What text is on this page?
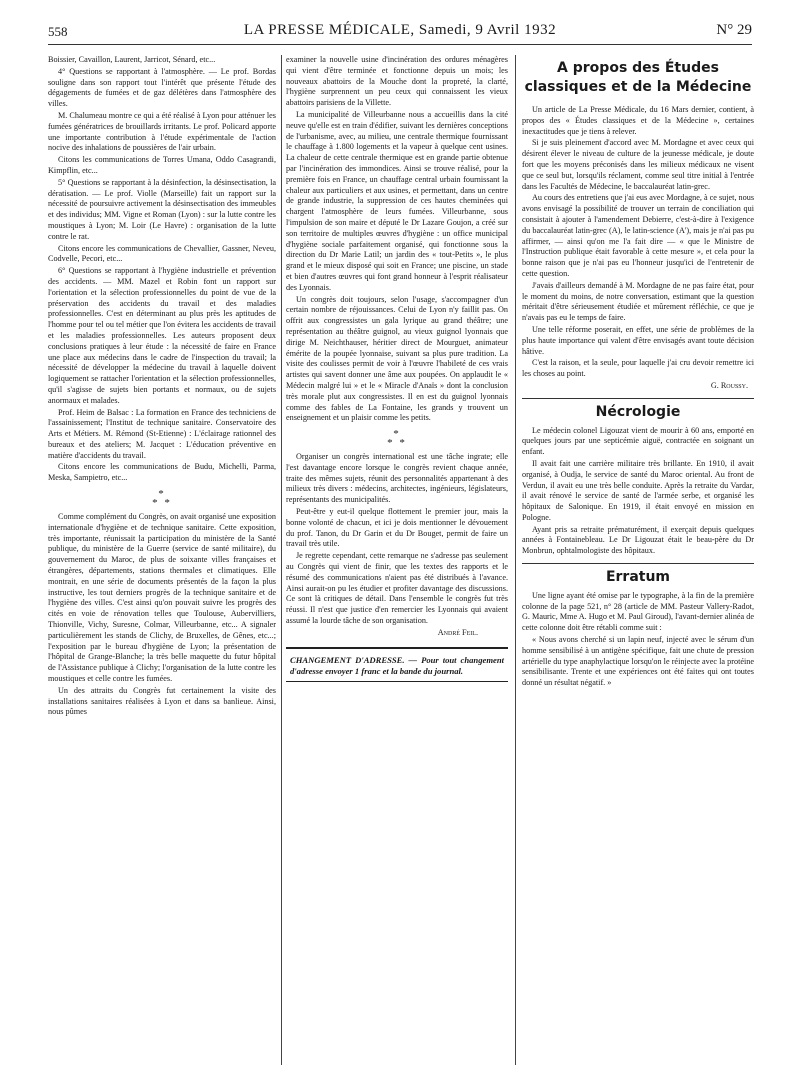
558	LA PRESSE MÉDICALE, Samedi, 9 Avril 1932	N° 29

Boissier, Cavaillon, Laurent, Jarricot, Sénard, etc...

4° Questions se rapportant à l'atmosphère. — Le prof. Bordas souligne dans son rapport tout l'intérêt que présente l'étude des dégagements de fumées et de gaz délétères dans l'atmosphère des villes.

M. Chalumeau montre ce qui a été réalisé à Lyon pour atténuer les fumées génératrices de brouillards irritants. Le prof. Policard apporte une importante contribution à l'étude expérimentale de l'action nocive des inhalations de poussières de l'air urbain.

Citons les communications de Torres Umana, Oddo Casagrandi, Kimpflin, etc...

5° Questions se rapportant à la désinfection, la désinsectisation, la dératisation. — Le prof. Violle (Marseille) fait un rapport sur la nécessité de poursuivre activement la désinsectisation des immeubles et des individus; MM. Vigne et Roman (Lyon) : sur la lutte contre les moustiques à Lyon; M. Loir (Le Havre) : organisation de la lutte contre le rat.

Citons encore les communications de Chevallier, Gassner, Neveu, Codvelle, Pecori, etc...

6° Questions se rapportant à l'hygiène industrielle et prévention des accidents. — MM. Mazel et Robin font un rapport sur l'orientation et la sélection professionnelles du point de vue de la préservation des accidents du travail et des maladies professionnelles. C'est en déterminant au plus près les aptitudes de l'homme pour tel ou tel métier que l'on évitera les accidents de travail et les maladies professionnelles. Les auteurs proposent deux conclusions pratiques à leur étude : la nécessité de faire en France une place aux médecins dans le cadre de l'inspection du travail; la nécessité de développer la médecine du travail à laquelle doivent logiquement se rattacher l'orientation et la sélection professionnelles, qu'il s'agisse de sujets bien portants et normaux, ou de sujets anormaux et malades.

Prof. Heim de Balsac : La formation en France des techniciens de l'assainissement; l'Institut de technique sanitaire. Conservatoire des Arts et Métiers. M. Rémond (St-Etienne) : L'éclairage rationnel des bureaux et des ateliers; M. Jacquet : L'éducation préventive en matière d'accidents du travail.

Citons encore les communications de Budu, Michelli, Parma, Meska, Sampietro, etc...

*
* *

Comme complément du Congrès, on avait organisé une exposition internationale d'hygiène et de technique sanitaire. Cette exposition, très importante, réunissait la participation du ministère de la Santé publique, du ministère de la Guerre (service de santé militaire), du gouvernement du Maroc, de plus de soixante villes françaises et étrangères, départements, stations thermales et climatiques. Elle montrait, en une série de documents présentés de la façon la plus instructive, les tout derniers progrès de la technique sanitaire et de l'hygiène des villes. C'est ainsi qu'on pouvait suivre les progrès des cités en voie de rénovation telles que Toulouse, Aubervilliers, Thionville, Vichy, Suresne, Colmar, Villeurbanne, etc... A signaler particulièrement les stands de Clichy, de Bruxelles, de Gênes, etc...; l'exposition par le bureau d'hygiène de Lyon; la présentation de l'hôpital de Grange-Blanche; la très belle maquette du futur hôpital de l'Assistance publique à Clichy; l'organisation de la lutte contre les moustiques et celle contre les fumées.

Un des attraits du Congrès fut certainement la visite des installations sanitaires réalisées à Lyon et dans sa banlieue. Ainsi, nous pûmes

examiner la nouvelle usine d'incinération des ordures ménagères qui vient d'être terminée et fonctionne depuis un mois; les nouveaux abattoirs de la Mouche dont la propreté, la clarté, l'hygiène surprennent un peu ceux qui connaissent les vieux abattoirs parisiens de la Villette.

La municipalité de Villeurbanne nous a accueillis dans la cité neuve qu'elle est en train d'édifier, suivant les dernières conceptions de l'urbanisme, avec, au milieu, une centrale thermique fournissant le chauffage à 1.800 logements et la vapeur à quelque cent usines. La chaleur de cette centrale thermique est en grande partie obtenue par l'incinération des immondices. Ainsi se trouve réalisé, pour la première fois en France, un chauffage central urbain fournissant la chaleur aux particuliers et aux usines, et permettant, dans un centre de grande industrie, la suppression de ces hautes cheminées qui chargent l'atmosphère de leurs fumées. Villeurbanne, sous l'impulsion de son maire et député le Dr Lazare Goujon, a créé sur son territoire de multiples œuvres d'hygiène : un office municipal d'hygiène sociale parfaitement organisé, qui fonctionne sous la direction du Dr Marie Latil; un jardin des « tout-Petits », le plus grand et le mieux disposé qui soit en France; une piscine, un stade et bien d'autres œuvres qui font grand honneur à l'esprit réalisateur des Lyonnais.

Un congrès doit toujours, selon l'usage, s'accompagner d'un certain nombre de réjouissances. Celui de Lyon n'y faillit pas. On offrit aux congressistes un gala lyrique au grand théâtre; une représentation au théâtre guignol, au vieux guignol lyonnais que dirige M. Neichthauser, héritier direct de Mourguet, animateur émérite de la poupée lyonnaise, suivant sa plus pure tradition. La visite des coulisses permit de voir à l'œuvre l'habileté de ces vrais artistes qui savent donner une âme aux poupées. On applaudit le « Médecin malgré lui » et le « Miracle d'Anaïs » dont la conclusion très morale plut aux congressistes. Il en est du guignol lyonnais comme des fables de La Fontaine, les grands y trouvent un enseignement et un plaisir comme les petits.

*
* *

Organiser un congrès international est une tâche ingrate; elle l'est davantage encore lorsque le congrès revient chaque année, traite des mêmes sujets, réunit des personnalités appartenant à des milieux très divers : médecins, architectes, ingénieurs, législateurs, représentants des municipalités.

Peut-être y eut-il quelque flottement le premier jour, mais la bonne volonté de chacun, et ici je dois mentionner le dévouement du prof. Tanon, du Dr Garin et du Dr Bouget, permit de faire un travail très utile.

Je regrette cependant, cette remarque ne s'adresse pas seulement au Congrès qui vient de finir, que les textes des rapports et le résumé des communications n'aient pas été distribués à l'avance. Ainsi aurait-on pu les étudier et profiter davantage des discussions. Ce sont là critiques de détail. Dans l'ensemble le congrès fut très réussi. Il n'est que justice d'en remercier les Lyonnais qui avaient assumé la lourde tâche de son organisation.

André Feil.
CHANGEMENT D'ADRESSE. — Pour tout changement d'adresse envoyer 1 franc et la bande du journal.
A propos des Études classiques et de la Médecine

Un article de La Presse Médicale, du 16 Mars dernier, contient, à propos des « Études classiques et de la Médecine », certaines inexactitudes que je tiens à relever.

Si je suis pleinement d'accord avec M. Mordagne et avec ceux qui désirent élever le niveau de culture de la jeunesse médicale, je doute fort que les moyens préconisés dans les milieux médicaux ne visent que ce seul but, lorsqu'ils réclament, comme seul titre initial à l'entrée dans les Facultés de Médecine, le baccalauréat latin-grec.

Au cours des entretiens que j'ai eus avec Mordagne, à ce sujet, nous avons envisagé la possibilité de trouver un terrain de conciliation qui consistait à ajouter à l'amendement Debierre, c'est-à-dire à l'exigence du baccalauréat latin-grec (A), le latin-science (A'), mais je n'ai pas pu affirmer, — ainsi qu'on me l'a fait dire — « que le Ministre de l'Instruction publique était favorable à cette mesure », et cela pour la bonne raison que je n'ai pas eu l'honneur jusqu'ici de l'entretenir de cette question.

J'avais d'ailleurs demandé à M. Mordagne de ne pas faire état, pour le moment du moins, de notre conversation, estimant que la question méritait d'être sérieusement étudiée et mûrement réfléchie, ce que je n'avais pas eu le temps de faire.

Une telle réforme poserait, en effet, une série de problèmes de la plus haute importance qui valent d'être envisagés avant toute décision hâtive.

C'est la raison, et la seule, pour laquelle j'ai cru devoir remettre ici les choses au point.

G. Roussy.
Nécrologie

Le médecin colonel Ligouzat vient de mourir à 60 ans, emporté en quelques jours par une septicémie aiguë, contractée en soignant un enfant.

Il avait fait une carrière militaire très brillante. En 1910, il avait organisé, à Oudja, le service de santé du Maroc oriental. Au front de Verdun, il avait eu une très belle conduite. Après la retraite du Vardar, il avait rénové le service de santé de l'armée serbe, et organisé les hôpitaux de Salonique. En 1919, il était envoyé en mission en Pologne.

Ayant pris sa retraite prématurément, il exerçait depuis quelques années à Fontainebleau. Le Dr Ligouzat était le beau-père du Dr Monbrun, ophtalmologiste des hôpitaux.

Erratum

Une ligne ayant été omise par le typographe, à la fin de la première colonne de la page 521, n° 28 (article de MM. Pasteur Vallery-Radot, G. Mauric, Mme A. Hugo et M. Paul Giroud), l'avant-dernier alinéa de cette colonne doit être rétabli comme suit :

« Nous avons cherché si un lapin neuf, injecté avec le sérum d'un homme sensibilisé à un antigène spécifique, fait une chute de pression artérielle du type anaphylactique lorsqu'on le réinjecte avec la protéine sensibilisante. Trente et une expériences ont été faites qui ont toutes donné un résultat négatif. »
